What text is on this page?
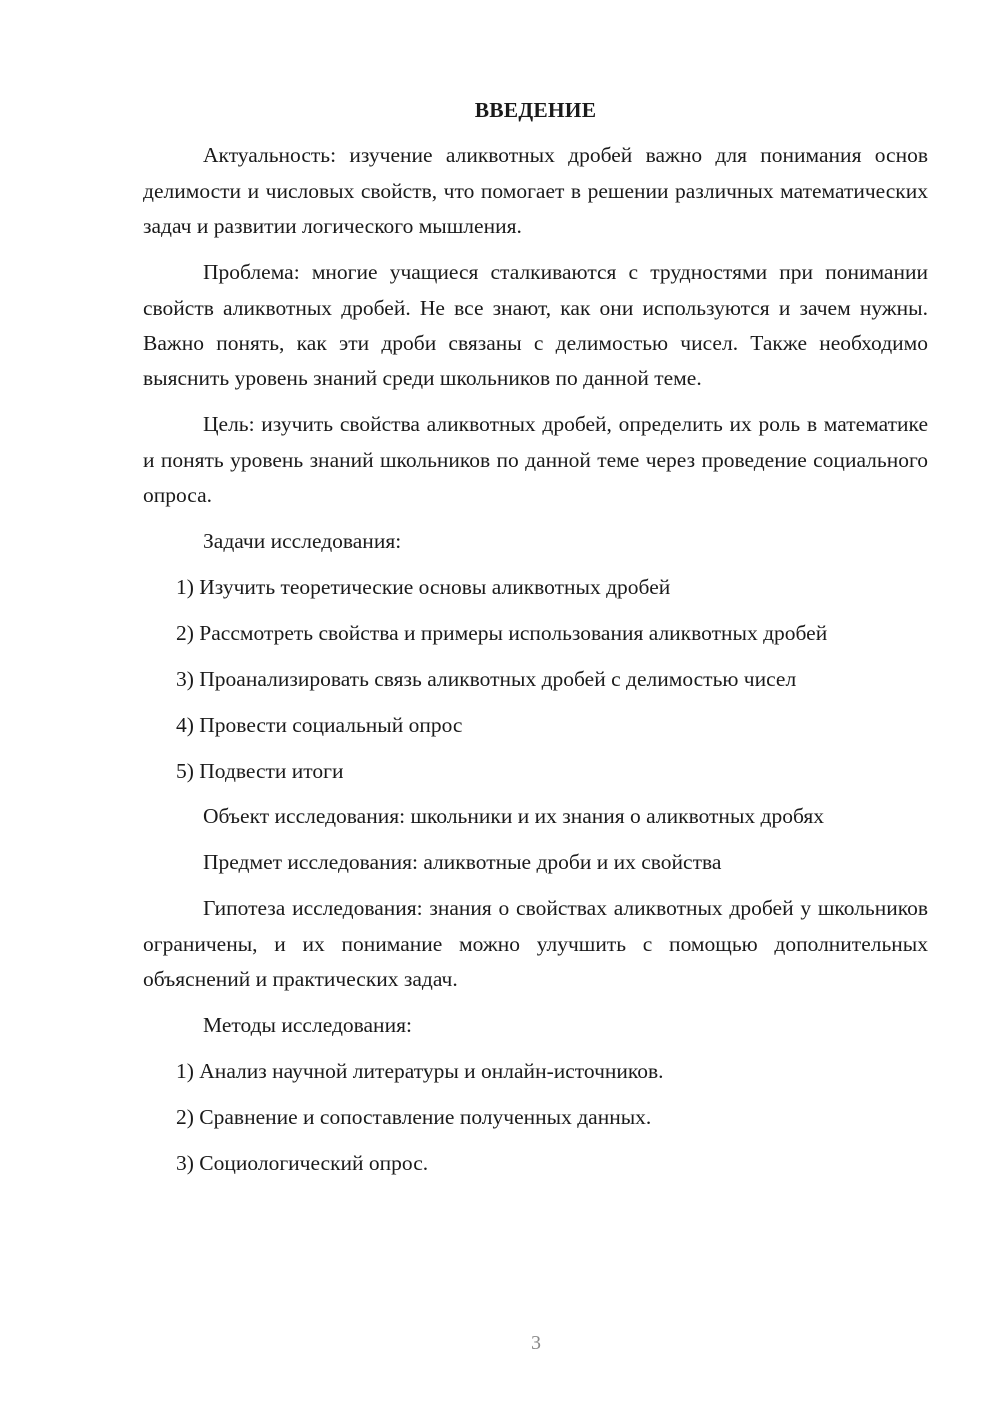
ВВЕДЕНИЕ
Актуальность: изучение аликвотных дробей важно для понимания основ делимости и числовых свойств, что помогает в решении различных математических задач и развитии логического мышления.
Проблема: многие учащиеся сталкиваются с трудностями при понимании свойств аликвотных дробей. Не все знают, как они используются и зачем нужны. Важно понять, как эти дроби связаны с делимостью чисел. Также необходимо выяснить уровень знаний среди школьников по данной теме.
Цель: изучить свойства аликвотных дробей, определить их роль в математике и понять уровень знаний школьников по данной теме через проведение социального опроса.
Задачи исследования:
1) Изучить теоретические основы аликвотных дробей
2) Рассмотреть свойства и примеры использования аликвотных дробей
3) Проанализировать связь аликвотных дробей с делимостью чисел
4) Провести социальный опрос
5) Подвести итоги
Объект исследования: школьники и их знания о аликвотных дробях
Предмет исследования: аликвотные дроби и их свойства
Гипотеза исследования: знания о свойствах аликвотных дробей у школьников ограничены, и их понимание можно улучшить с помощью дополнительных объяснений и практических задач.
Методы исследования:
1) Анализ научной литературы и онлайн-источников.
2) Сравнение и сопоставление полученных данных.
3) Социологический опрос.
3
